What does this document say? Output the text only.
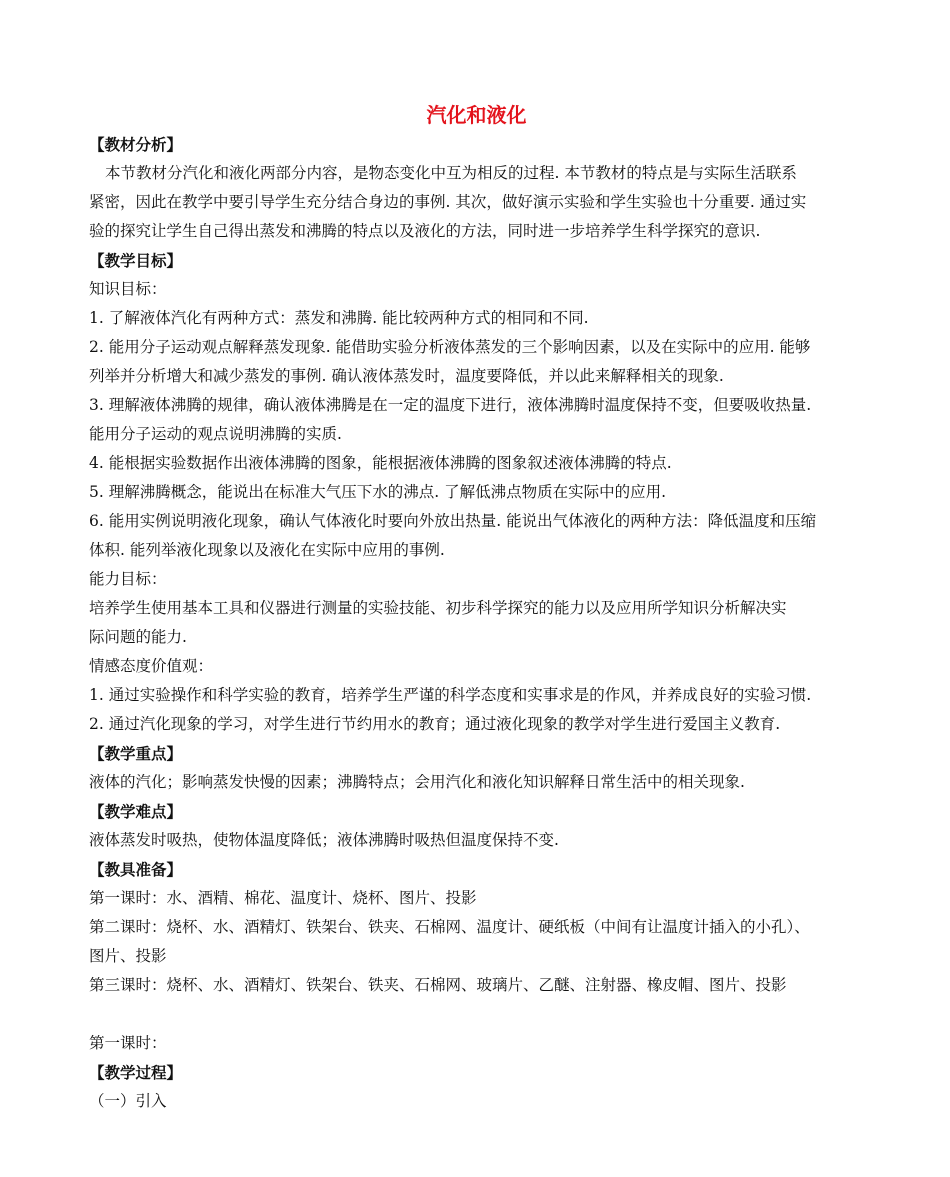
汽化和液化
【教材分析】
本节教材分汽化和液化两部分内容，是物态变化中互为相反的过程. 本节教材的特点是与实际生活联系
紧密，因此在教学中要引导学生充分结合身边的事例. 其次，做好演示实验和学生实验也十分重要. 通过实
验的探究让学生自己得出蒸发和沸腾的特点以及液化的方法，同时进一步培养学生科学探究的意识.
【教学目标】
知识目标：
1. 了解液体汽化有两种方式：蒸发和沸腾. 能比较两种方式的相同和不同.
2. 能用分子运动观点解释蒸发现象. 能借助实验分析液体蒸发的三个影响因素，以及在实际中的应用. 能够
列举并分析增大和减少蒸发的事例. 确认液体蒸发时，温度要降低，并以此来解释相关的现象.
3. 理解液体沸腾的规律，确认液体沸腾是在一定的温度下进行，液体沸腾时温度保持不变，但要吸收热量.
能用分子运动的观点说明沸腾的实质.
4. 能根据实验数据作出液体沸腾的图象，能根据液体沸腾的图象叙述液体沸腾的特点.
5. 理解沸腾概念，能说出在标准大气压下水的沸点. 了解低沸点物质在实际中的应用.
6. 能用实例说明液化现象，确认气体液化时要向外放出热量. 能说出气体液化的两种方法：降低温度和压缩
体积. 能列举液化现象以及液化在实际中应用的事例.
能力目标：
培养学生使用基本工具和仪器进行测量的实验技能、初步科学探究的能力以及应用所学知识分析解决实
际问题的能力.
情感态度价值观：
1. 通过实验操作和科学实验的教育，培养学生严谨的科学态度和实事求是的作风，并养成良好的实验习惯.
2. 通过汽化现象的学习，对学生进行节约用水的教育；通过液化现象的教学对学生进行爱国主义教育.
【教学重点】
液体的汽化；影响蒸发快慢的因素；沸腾特点；会用汽化和液化知识解释日常生活中的相关现象.
【教学难点】
液体蒸发时吸热，使物体温度降低；液体沸腾时吸热但温度保持不变.
【教具准备】
第一课时：水、酒精、棉花、温度计、烧杯、图片、投影
第二课时：烧杯、水、酒精灯、铁架台、铁夹、石棉网、温度计、硬纸板（中间有让温度计插入的小孔）、
图片、投影
第三课时：烧杯、水、酒精灯、铁架台、铁夹、石棉网、玻璃片、乙醚、注射器、橡皮帽、图片、投影
第一课时：
【教学过程】
（一）引入
